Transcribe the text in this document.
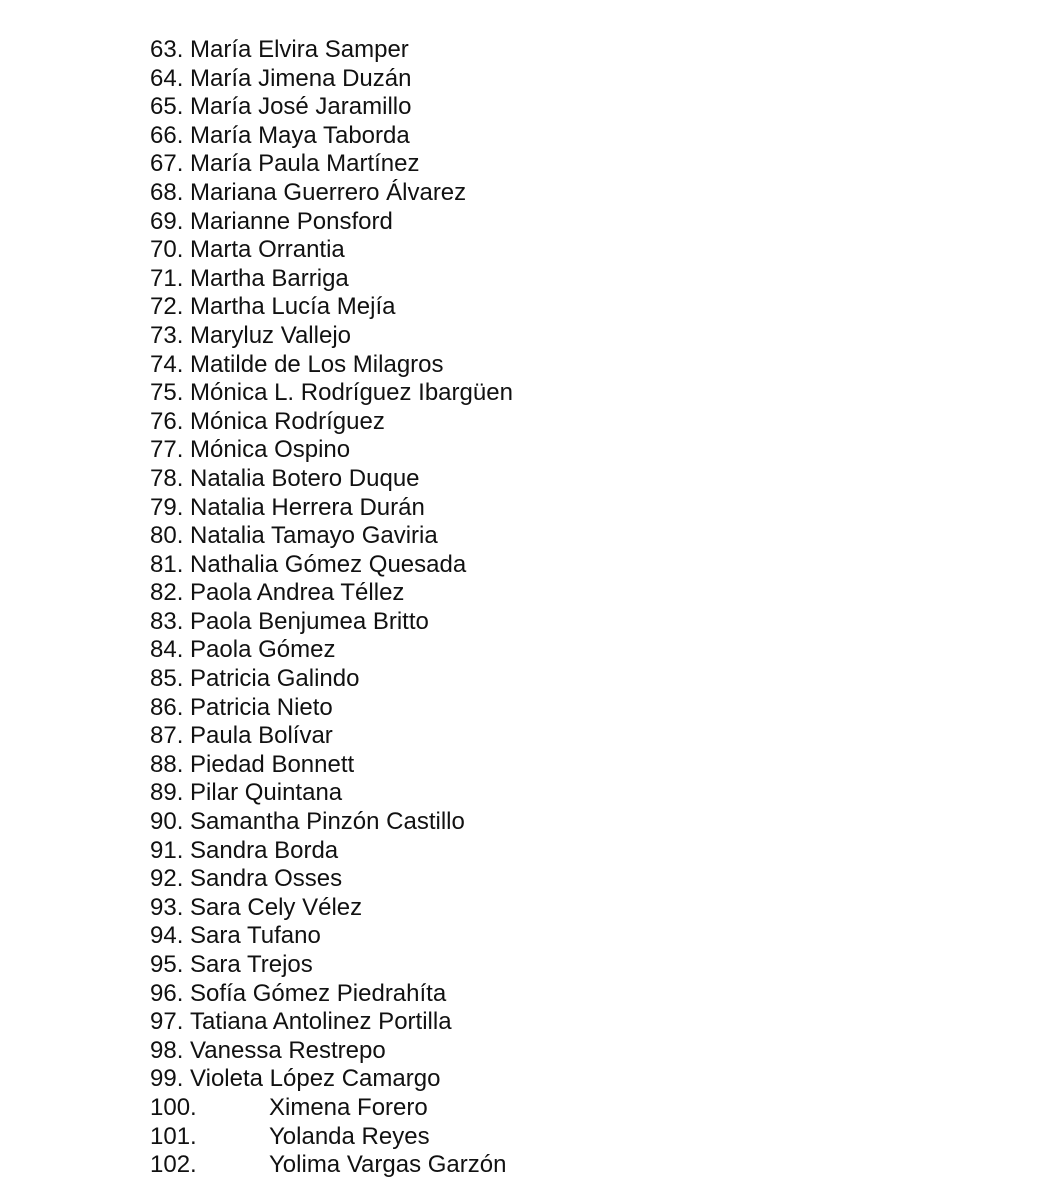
63. María Elvira Samper
64. María Jimena Duzán
65. María José Jaramillo
66. María Maya Taborda
67. María Paula Martínez
68. Mariana Guerrero Álvarez
69. Marianne Ponsford
70. Marta Orrantia
71. Martha Barriga
72. Martha Lucía Mejía
73. Maryluz Vallejo
74. Matilde de Los Milagros
75. Mónica L. Rodríguez Ibargüen
76. Mónica Rodríguez
77. Mónica Ospino
78. Natalia Botero Duque
79. Natalia Herrera Durán
80. Natalia Tamayo Gaviria
81. Nathalia Gómez Quesada
82. Paola Andrea Téllez
83. Paola Benjumea Britto
84. Paola Gómez
85. Patricia Galindo
86. Patricia Nieto
87. Paula Bolívar
88. Piedad Bonnett
89. Pilar Quintana
90. Samantha Pinzón Castillo
91. Sandra Borda
92. Sandra Osses
93. Sara Cely Vélez
94. Sara Tufano
95. Sara Trejos
96. Sofía Gómez Piedrahíta
97. Tatiana Antolinez Portilla
98. Vanessa Restrepo
99. Violeta López Camargo
100.	Ximena Forero
101.	Yolanda Reyes
102.	Yolima Vargas Garzón
